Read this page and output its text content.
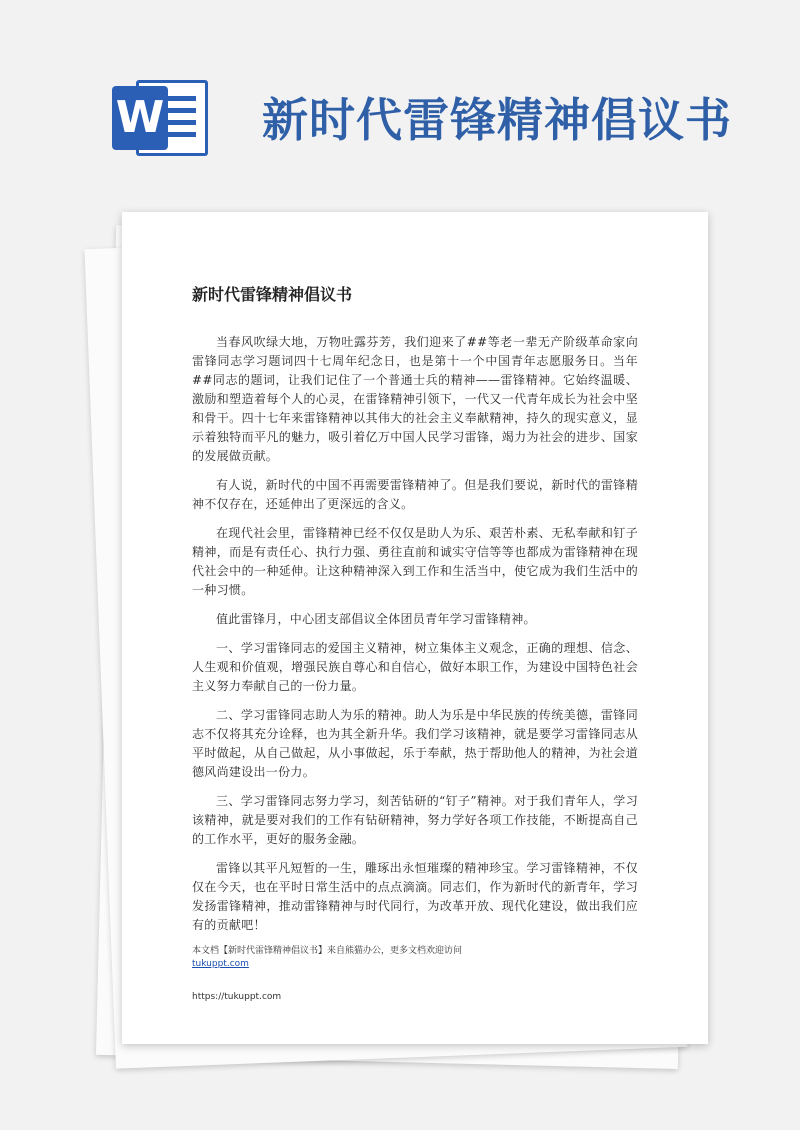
W 新时代雷锋精神倡议书
新时代雷锋精神倡议书

当春风吹绿大地，万物吐露芬芳，我们迎来了##等老一辈无产阶级革命家向雷锋同志学习题词四十七周年纪念日，也是第十一个中国青年志愿服务日。当年##同志的题词，让我们记住了一个普通士兵的精神——雷锋精神。它始终温暖、激励和塑造着每个人的心灵，在雷锋精神引领下，一代又一代青年成长为社会中坚和骨干。四十七年来雷锋精神以其伟大的社会主义奉献精神，持久的现实意义，显示着独特而平凡的魅力，吸引着亿万中国人民学习雷锋，竭力为社会的进步、国家的发展做贡献。

有人说，新时代的中国不再需要雷锋精神了。但是我们要说，新时代的雷锋精神不仅存在，还延伸出了更深远的含义。

在现代社会里，雷锋精神已经不仅仅是助人为乐、艰苦朴素、无私奉献和钉子精神，而是有责任心、执行力强、勇往直前和诚实守信等等也都成为雷锋精神在现代社会中的一种延伸。让这种精神深入到工作和生活当中，使它成为我们生活中的一种习惯。

值此雷锋月，中心团支部倡议全体团员青年学习雷锋精神。

一、学习雷锋同志的爱国主义精神，树立集体主义观念，正确的理想、信念、人生观和价值观，增强民族自尊心和自信心，做好本职工作，为建设中国特色社会主义努力奉献自己的一份力量。

二、学习雷锋同志助人为乐的精神。助人为乐是中华民族的传统美德，雷锋同志不仅将其充分诠释，也为其全新升华。我们学习该精神，就是要学习雷锋同志从平时做起，从自己做起，从小事做起，乐于奉献，热于帮助他人的精神，为社会道德风尚建设出一份力。

三、学习雷锋同志努力学习，刻苦钻研的“钉子”精神。对于我们青年人，学习该精神，就是要对我们的工作有钻研精神，努力学好各项工作技能，不断提高自己的工作水平，更好的服务金融。

雷锋以其平凡短暂的一生，雕琢出永恒璀璨的精神珍宝。学习雷锋精神，不仅仅在今天，也在平时日常生活中的点点滴滴。同志们，作为新时代的新青年，学习发扬雷锋精神，推动雷锋精神与时代同行，为改革开放、现代化建设，做出我们应有的贡献吧！

本文档【新时代雷锋精神倡议书】来自熊猫办公，更多文档欢迎访问
tukuppt.com
https://tukuppt.com
